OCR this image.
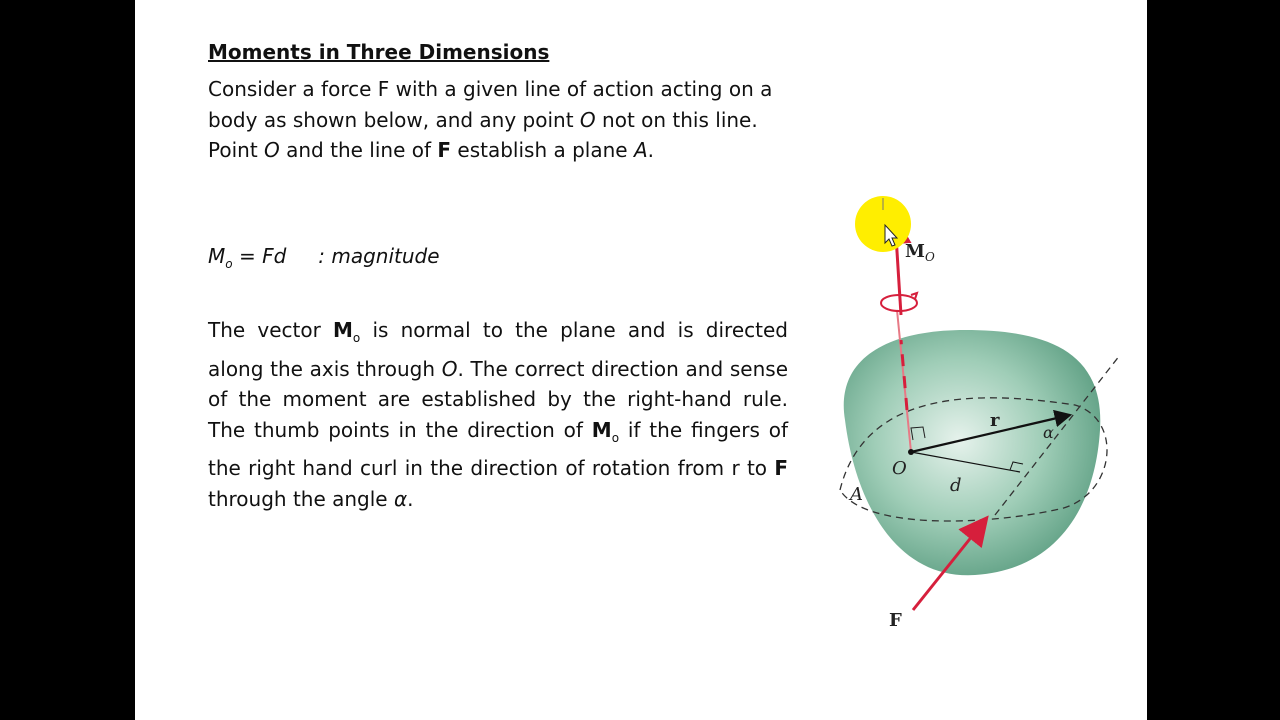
Moments in Three Dimensions
Consider a force F with a given line of action acting on a body as shown below, and any point O not on this line. Point O and the line of F establish a plane A.
$M_o = Fd$ : magnitude
The vector $M_o$ is normal to the plane and is directed along the axis through O. The correct direction and sense of the moment are established by the right-hand rule. The thumb points in the direction of $M_o$ if the fingers of the right hand curl in the direction of rotation from r to F through the angle α.
$M_O$
r
α
O
d
A
F
